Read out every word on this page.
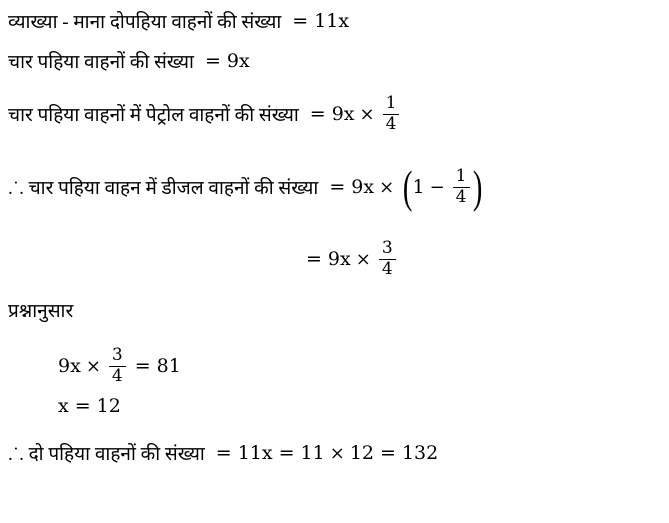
व्याख्या - माना दोपहिया वाहनों की संख्या = 11x
चार पहिया वाहनों की संख्या = 9x
चार पहिया वाहनों में पेट्रोल वाहनों की संख्या = $9x \times \frac{1}{4}$
.˙. चार पहिया वाहन में डीजल वाहनों की संख्या = 9x × ( $1 - \frac{1}{4}$ )
= $9x \times \frac{3}{4}$
प्रश्नानुसार
$9x \times \frac{3}{4} = 81$
x = 12
.˙. दो पहिया वाहनों की संख्या = 11x = 11 × 12 = 132
